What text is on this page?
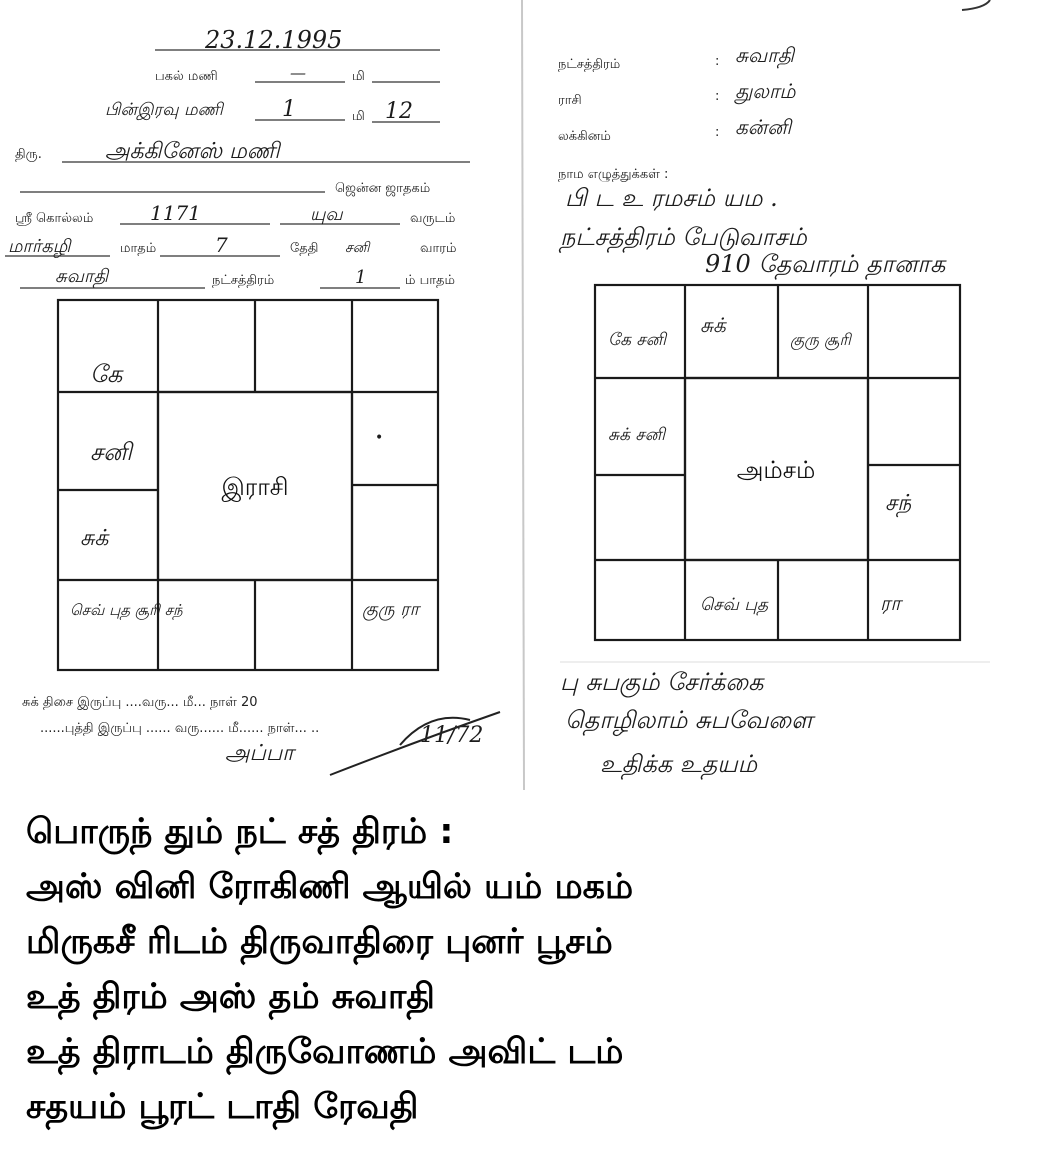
23.12.1995
பகல் மணி	—	மி
பின்இரவு மணி	1	மி 12
திரு.	அக்கினேஸ் மணி
ஜென்ன ஜாதகம்
ஸ்ரீ கொல்லம்	1171	யுவ	வருடம்
மார்கழி	மாதம்	7	தேதி சனி	வாரம்
சுவாதி	நட்சத்திரம்	1	ம் பாதம்
இராசி
கே
சனி	•
சுக்
செவ் புத சூரி சந்	குரு ரா
சுக் திசை இருப்பு ....வரு... மீ... நாள் 20
......புத்தி இருப்பு ...... வரு...... மீ...... நாள்... ..
அப்பா
11/72
நட்சத்திரம்	: சுவாதி
ராசி	: துலாம்
லக்கினம்	: கன்னி
நாம எழுத்துக்கள் :
பி ட உ ரமசம் யம .
நட்சத்திரம் பேடுவாசம்
910 தேவாரம் தானாக
அம்சம்
கே சனி
சுக்
குரு சூரி
சுக் சனி
சந்
செவ் புத	ரா
பு சுபகும் சேர்க்கை
தொழிலாம் சுபவேளை
உதிக்க உதயம்
பொருந் தும் நட் சத் திரம் :
அஸ் வினி ரோகிணி ஆயில் யம் மகம்
மிருகசீ ரிடம் திருவாதிரை புனர் பூசம்
உத் திரம் அஸ் தம் சுவாதி
உத் திராடம் திருவோணம் அவிட் டம்
சதயம் பூரட் டாதி ரேவதி
